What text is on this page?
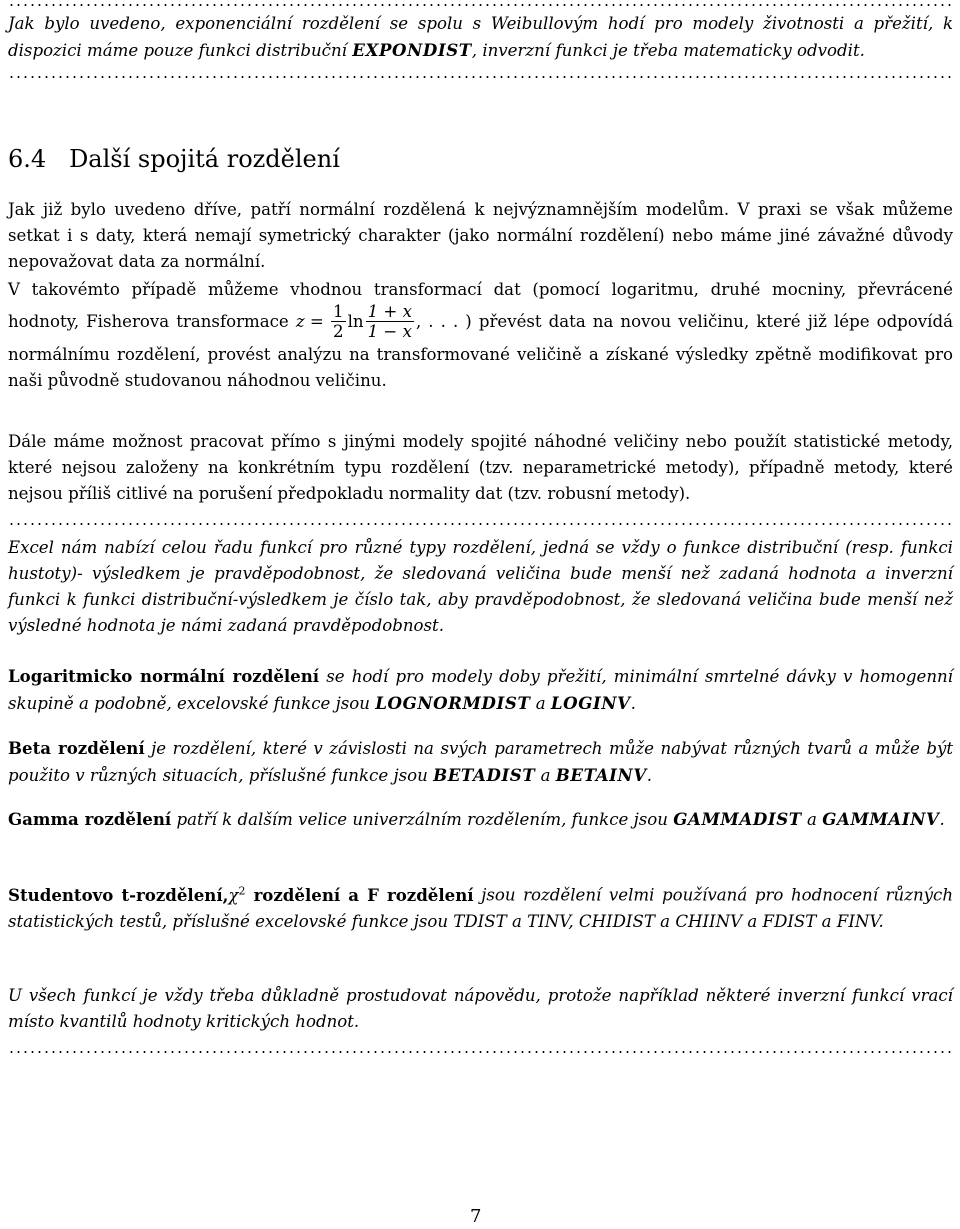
Jak bylo uvedeno, exponenciální rozdělení se spolu s Weibullovým hodí pro modely životnosti a přežití, k dispozici máme pouze funkci distribuční EXPONDIST, inverzní funkci je třeba matematicky odvodit.
6.4 Další spojitá rozdělení
Jak již bylo uvedeno dříve, patří normální rozdělená k nejvýznamnějším modelům. V praxi se však můžeme setkat i s daty, která nemají symetrický charakter (jako normální rozdělení) nebo máme jiné závažné důvody nepovažovat data za normální.
V takovémto případě můžeme vhodnou transformací dat (pomocí logaritmu, druhé mocniny, převrácené hodnoty, Fisherova transformace $z = \frac{1}{2}$ $\ln \frac{1 + x}{1 - x}$ , . . . ) převést data na novou veličinu, které již lépe odpovídá normálnímu rozdělení, provést analýzu na transformované veličině a získané výsledky zpětně modifikovat pro naši původně studovanou náhodnou veličinu.
Dále máme možnost pracovat přímo s jinými modely spojité náhodné veličiny nebo použít statistické metody, které nejsou založeny na konkrétním typu rozdělení (tzv. neparametrické metody), případně metody, které nejsou příliš citlivé na porušení předpokladu normality dat (tzv. robusní metody).
Excel nám nabízí celou řadu funkcí pro různé typy rozdělení, jedná se vždy o funkce distribuční (resp. funkci hustoty)- výsledkem je pravděpodobnost, že sledovaná veličina bude menší než zadaná hodnota a inverzní funkci k funkci distribuční-výsledkem je číslo tak, aby pravděpodobnost, že sledovaná veličina bude menší než výsledné hodnota je námi zadaná pravděpodobnost.
Logaritmicko normální rozdělení se hodí pro modely doby přežití, minimální smrtelné dávky v homogenní skupině a podobně, excelovské funkce jsou LOGNORMDIST a LOGINV.
Beta rozdělení je rozdělení, které v závislosti na svých parametrech může nabývat různých tvarů a může být použito v různých situacích, příslušné funkce jsou BETADIST a BETAINV.
Gamma rozdělení patří k dalším velice univerzálním rozdělením, funkce jsou GAMMADIST a GAMMAINV.
Studentovo $t-rozdělení,\chi^2$ rozdělení a F rozdělení jsou rozdělení velmi používaná pro hodnocení různých statistických testů, příslušné excelovské funkce jsou TDIST a TINV, CHIDIST a CHIINV a FDIST a FINV.
U všech funkcí je vždy třeba důkladně prostudovat nápovědu, protože například některé inverzní funkcí vrací místo kvantilů hodnoty kritických hodnot.
7
